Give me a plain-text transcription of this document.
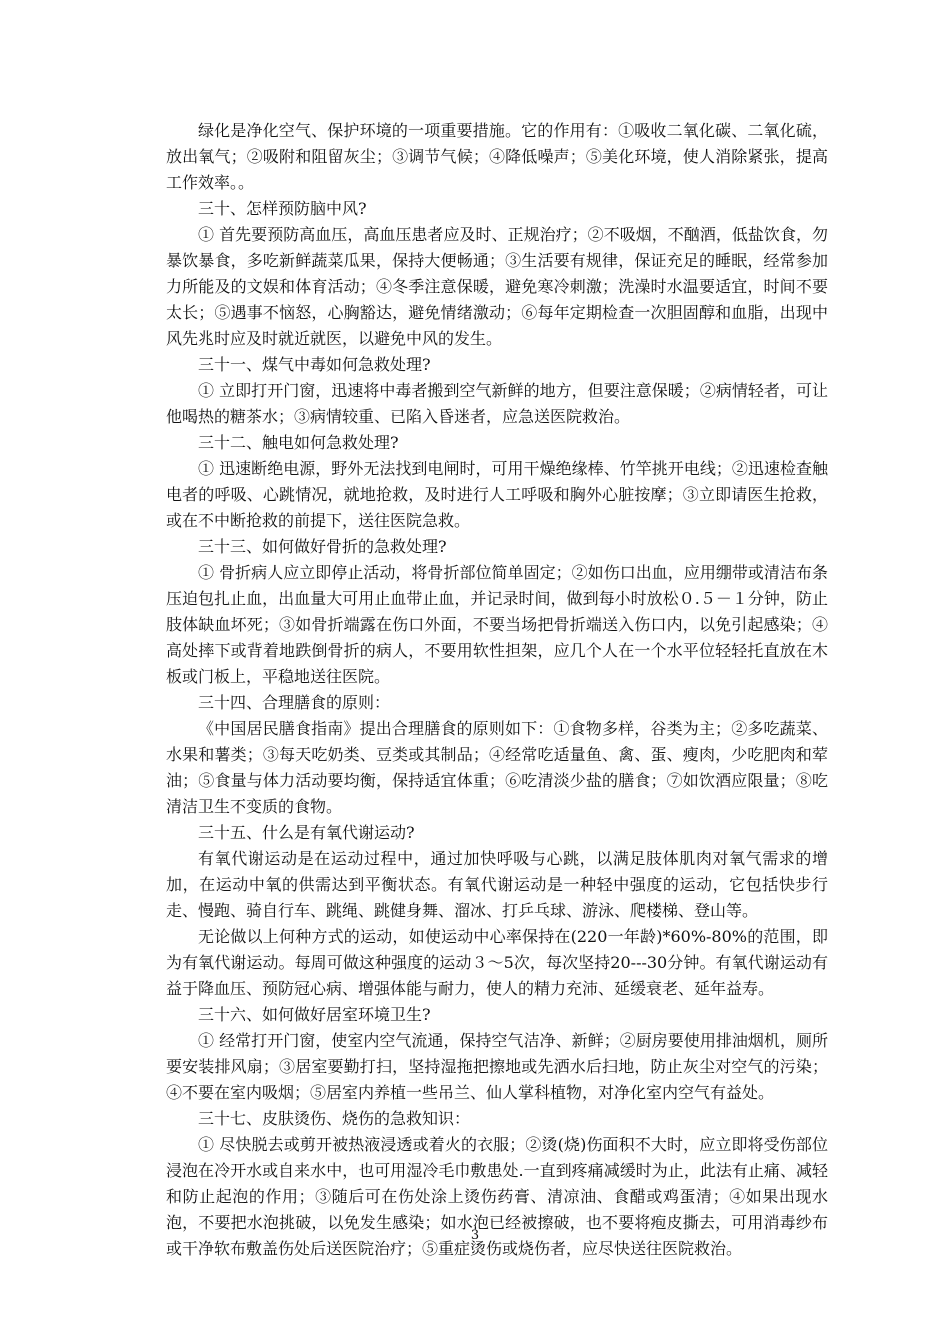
绿化是净化空气、保护环境的一项重要措施。它的作用有：①吸收二氧化碳、二氧化硫，放出氧气；②吸附和阻留灰尘；③调节气候；④降低噪声；⑤美化环境，使人消除紧张，提高工作效率。。

三十、怎样预防脑中风?

① 首先要预防高血压，高血压患者应及时、正规治疗；②不吸烟，不酗酒，低盐饮食，勿暴饮暴食，多吃新鲜蔬菜瓜果，保持大便畅通；③生活要有规律，保证充足的睡眠，经常参加力所能及的文娱和体育活动；④冬季注意保暖，避免寒冷刺激；洗澡时水温要适宜，时间不要太长；⑤遇事不恼怒，心胸豁达，避免情绪激动；⑥每年定期检查一次胆固醇和血脂，出现中风先兆时应及时就近就医，以避免中风的发生。

三十一、煤气中毒如何急救处理?

① 立即打开门窗，迅速将中毒者搬到空气新鲜的地方，但要注意保暖；②病情轻者，可让他喝热的糖茶水；③病情较重、已陷入昏迷者，应急送医院救治。

三十二、触电如何急救处理?

① 迅速断绝电源，野外无法找到电闸时，可用干燥绝缘棒、竹竿挑开电线；②迅速检查触电者的呼吸、心跳情况，就地抢救，及时进行人工呼吸和胸外心脏按摩；③立即请医生抢救，或在不中断抢救的前提下，送往医院急救。

三十三、如何做好骨折的急救处理?

① 骨折病人应立即停止活动，将骨折部位简单固定；②如伤口出血，应用绷带或清洁布条压迫包扎止血，出血量大可用止血带止血，并记录时间，做到每小时放松０.５－１分钟，防止肢体缺血坏死；③如骨折端露在伤口外面，不要当场把骨折端送入伤口内，以免引起感染；④高处摔下或背着地跌倒骨折的病人，不要用软性担架，应几个人在一个水平位轻轻托直放在木板或门板上，平稳地送往医院。

三十四、合理膳食的原则：

《中国居民膳食指南》提出合理膳食的原则如下：①食物多样，谷类为主；②多吃蔬菜、水果和薯类；③每天吃奶类、豆类或其制品；④经常吃适量鱼、禽、蛋、瘦肉，少吃肥肉和荤油；⑤食量与体力活动要均衡，保持适宜体重；⑥吃清淡少盐的膳食；⑦如饮酒应限量；⑧吃清洁卫生不变质的食物。

三十五、什么是有氧代谢运动?

有氧代谢运动是在运动过程中，通过加快呼吸与心跳，以满足肢体肌肉对氧气需求的增加，在运动中氧的供需达到平衡状态。有氧代谢运动是一种轻中强度的运动，它包括快步行走、慢跑、骑自行车、跳绳、跳健身舞、溜冰、打乒乓球、游泳、爬楼梯、登山等。

无论做以上何种方式的运动，如使运动中心率保持在(220一年龄)*60%-80%的范围，即为有氧代谢运动。每周可做这种强度的运动３～5次，每次坚持20---30分钟。有氧代谢运动有益于降血压、预防冠心病、增强体能与耐力，使人的精力充沛、延缓衰老、延年益寿。

三十六、如何做好居室环境卫生?

① 经常打开门窗，使室内空气流通，保持空气洁净、新鲜；②厨房要使用排油烟机，厕所要安装排风扇；③居室要勤打扫，坚持湿拖把擦地或先洒水后扫地，防止灰尘对空气的污染；④不要在室内吸烟；⑤居室内养植一些吊兰、仙人掌科植物，对净化室内空气有益处。

三十七、皮肤烫伤、烧伤的急救知识：

① 尽快脱去或剪开被热液浸透或着火的衣服；②烫(烧)伤面积不大时，应立即将受伤部位浸泡在冷开水或自来水中，也可用湿冷毛巾敷患处.一直到疼痛减缓时为止，此法有止痛、减轻和防止起泡的作用；③随后可在伤处涂上烫伤药膏、清凉油、食醋或鸡蛋清；④如果出现水泡，不要把水泡挑破，以免发生感染；如水泡已经被擦破，也不要将疱皮撕去，可用消毒纱布或干净软布敷盖伤处后送医院治疗；⑤重症烫伤或烧伤者，应尽快送往医院救治。

3
